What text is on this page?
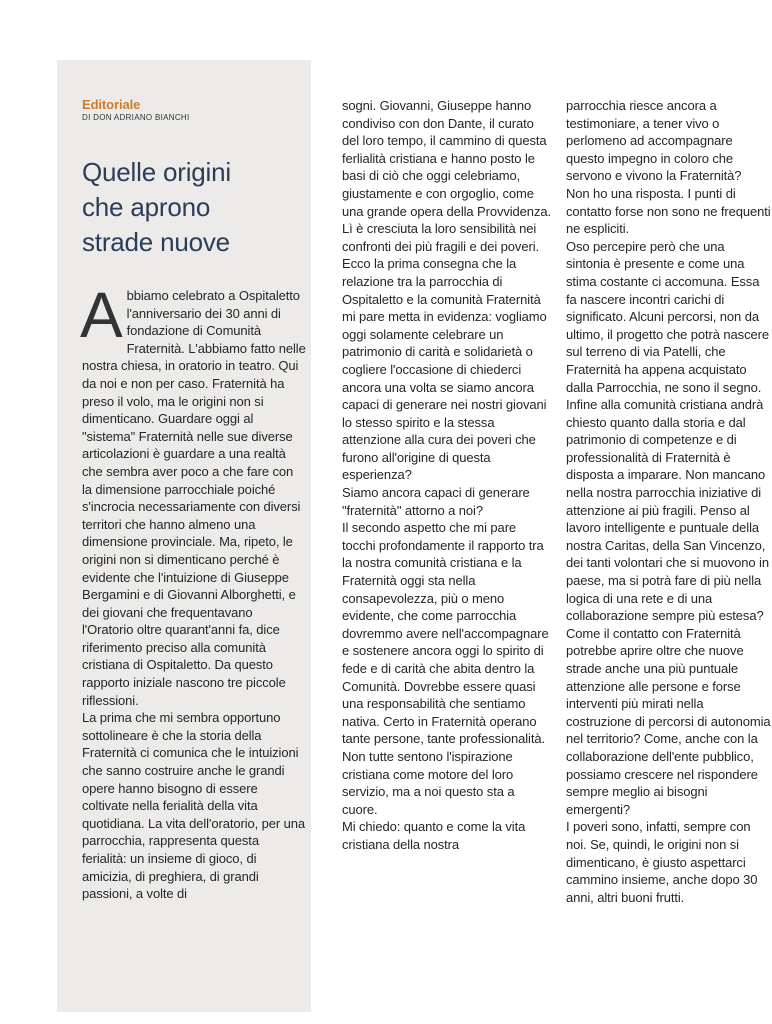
Editoriale
DI DON ADRIANO BIANCHI
Quelle origini
che aprono
strade nuove

Abbiamo celebrato a Ospitaletto l'anniversario dei 30 anni di fondazione di Comunità Fraternità. L'abbiamo fatto nelle nostra chiesa, in oratorio in teatro. Qui da noi e non per caso. Fraternità ha preso il volo, ma le origini non si dimenticano. Guardare oggi al "sistema" Fraternità nelle sue diverse articolazioni è guardare a una realtà che sembra aver poco a che fare con la dimensione parrocchiale poiché s'incrocia necessariamente con diversi territori che hanno almeno una dimensione provinciale. Ma, ripeto, le origini non si dimenticano perché è evidente che l'intuizione di Giuseppe Bergamini e di Giovanni Alborghetti, e dei giovani che frequentavano l'Oratorio oltre quarant'anni fa, dice riferimento preciso alla comunità cristiana di Ospitaletto. Da questo rapporto iniziale nascono tre piccole riflessioni.

La prima che mi sembra opportuno sottolineare è che la storia della Fraternità ci comunica che le intuizioni che sanno costruire anche le grandi opere hanno bisogno di essere coltivate nella ferialità della vita quotidiana. La vita dell'oratorio, per una parrocchia, rappresenta questa ferialità: un insieme di gioco, di amicizia, di preghiera, di grandi passioni, a volte di

sogni. Giovanni, Giuseppe hanno condiviso con don Dante, il curato del loro tempo, il cammino di questa ferlialità cristiana e hanno posto le basi di ciò che oggi celebriamo, giustamente e con orgoglio, come una grande opera della Provvidenza. Lì è cresciuta la loro sensibilità nei confronti dei più fragili e dei poveri.

Ecco la prima consegna che la relazione tra la parrocchia di Ospitaletto e la comunità Fraternità mi pare metta in evidenza: vogliamo oggi solamente celebrare un patrimonio di carità e solidarietà o cogliere l'occasione di chiederci ancora una volta se siamo ancora capaci di generare nei nostri giovani lo stesso spirito e la stessa attenzione alla cura dei poveri che furono all'origine di questa esperienza?

Siamo ancora capaci di generare "fraternità" attorno a noi?

Il secondo aspetto che mi pare tocchi profondamente il rapporto tra la nostra comunità cristiana e la Fraternità oggi sta nella consapevolezza, più o meno evidente, che come parrocchia dovremmo avere nell'accompagnare e sostenere ancora oggi lo spirito di fede e di carità che abita dentro la Comunità. Dovrebbe essere quasi una responsabilità che sentiamo nativa. Certo in Fraternità operano tante persone, tante professionalità.

Non tutte sentono l'ispirazione cristiana come motore del loro servizio, ma a noi questo sta a cuore.

Mi chiedo: quanto e come la vita cristiana della nostra

parrocchia riesce ancora a testimoniare, a tener vivo o perlomeno ad accompagnare questo impegno in coloro che servono e vivono la Fraternità?

Non ho una risposta. I punti di contatto forse non sono ne frequenti ne espliciti.

Oso percepire però che una sintonia è presente e come una stima costante ci accomuna. Essa fa nascere incontri carichi di significato. Alcuni percorsi, non da ultimo, il progetto che potrà nascere sul terreno di via Patelli, che Fraternità ha appena acquistato dalla Parrocchia, ne sono il segno.

Infine alla comunità cristiana andrà chiesto quanto dalla storia e dal patrimonio di competenze e di professionalità di Fraternità è disposta a imparare. Non mancano nella nostra parrocchia iniziative di attenzione ai più fragili. Penso al lavoro intelligente e puntuale della nostra Caritas, della San Vincenzo, dei tanti volontari che si muovono in paese, ma si potrà fare di più nella logica di una rete e di una collaborazione sempre più estesa? Come il contatto con Fraternità potrebbe aprire oltre che nuove strade anche una più puntuale attenzione alle persone e forse interventi più mirati nella costruzione di percorsi di autonomia nel territorio? Come, anche con la collaborazione dell'ente pubblico, possiamo crescere nel rispondere sempre meglio ai bisogni emergenti?

I poveri sono, infatti, sempre con noi. Se, quindi, le origini non si dimenticano, è giusto aspettarci cammino insieme, anche dopo 30 anni, altri buoni frutti.
